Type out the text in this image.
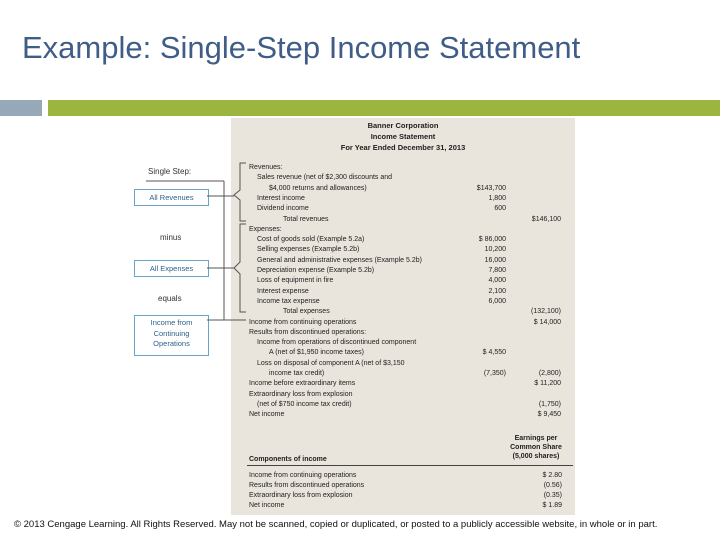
Example: Single-Step Income Statement
Banner Corporation
Income Statement
For Year Ended December 31, 2013
Revenues:
Sales revenue (net of $2,300 discounts and
$4,000 returns and allowances)	$143,700
Interest income	1,800
Dividend income	600
Total revenues	$146,100
Expenses:
Cost of goods sold (Example 5.2a)	$ 86,000
Selling expenses (Example 5.2b)	10,200
General and administrative expenses (Example 5.2b)	16,000
Depreciation expense (Example 5.2b)	7,800
Loss of equipment in fire	4,000
Interest expense	2,100
Income tax expense	6,000
Total expenses	(132,100)
Income from continuing operations	$ 14,000
Results from discontinued operations:
Income from operations of discontinued component
A (net of $1,950 income taxes)	$ 4,550
Loss on disposal of component A (net of $3,150
income tax credit)	(7,350)	(2,800)
Income before extraordinary items	$ 11,200
Extraordinary loss from explosion
(net of $750 income tax credit)	(1,750)
Net income	$ 9,450
Earnings per
Common Share
(5,000 shares)
Components of income
Income from continuing operations	$ 2.80
Results from discontinued operations	(0.56)
Extraordinary loss from explosion	(0.35)
Net income	$ 1.89
Single Step:
All Revenues
minus
All Expenses
equals
Income from
Continuing
Operations
© 2013 Cengage Learning. All Rights Reserved. May not be scanned, copied or duplicated, or posted to a publicly accessible website, in whole or in part.
